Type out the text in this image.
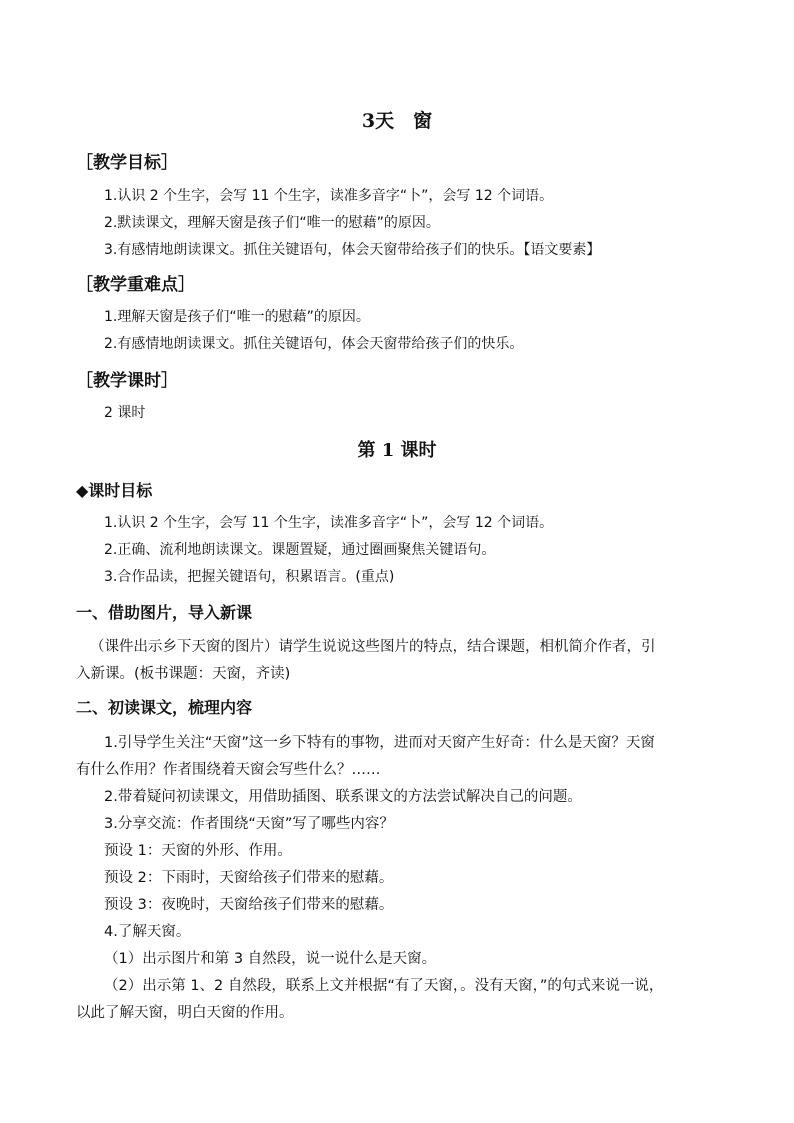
3天　窗
［教学目标］
1.认识 2 个生字，会写 11 个生字，读准多音字“卜”，会写 12 个词语。
2.默读课文，理解天窗是孩子们“唯一的慰藉”的原因。
3.有感情地朗读课文。抓住关键语句，体会天窗带给孩子们的快乐。【语文要素】
［教学重难点］
1.理解天窗是孩子们“唯一的慰藉”的原因。
2.有感情地朗读课文。抓住关键语句，体会天窗带给孩子们的快乐。
［教学课时］
2 课时
第 1 课时
◆课时目标
1.认识 2 个生字，会写 11 个生字，读准多音字“卜”，会写 12 个词语。
2.正确、流利地朗读课文。课题置疑，通过圈画聚焦关键语句。
3.合作品读，把握关键语句，积累语言。(重点)
一、借助图片，导入新课
（课件出示乡下天窗的图片）请学生说说这些图片的特点，结合课题，相机简介作者，引
入新课。(板书课题：天窗，齐读)
二、初读课文，梳理内容
1.引导学生关注“天窗”这一乡下特有的事物，进而对天窗产生好奇：什么是天窗？天窗
有什么作用？作者围绕着天窗会写些什么？……
2.带着疑问初读课文，用借助插图、联系课文的方法尝试解决自己的问题。
3.分享交流：作者围绕“天窗”写了哪些内容？
预设 1：天窗的外形、作用。
预设 2：下雨时，天窗给孩子们带来的慰藉。
预设 3：夜晚时，天窗给孩子们带来的慰藉。
4.了解天窗。
（1）出示图片和第 3 自然段，说一说什么是天窗。
（2）出示第 1、2 自然段，联系上文并根据“有了天窗，。没有天窗，”的句式来说一说，
以此了解天窗，明白天窗的作用。
